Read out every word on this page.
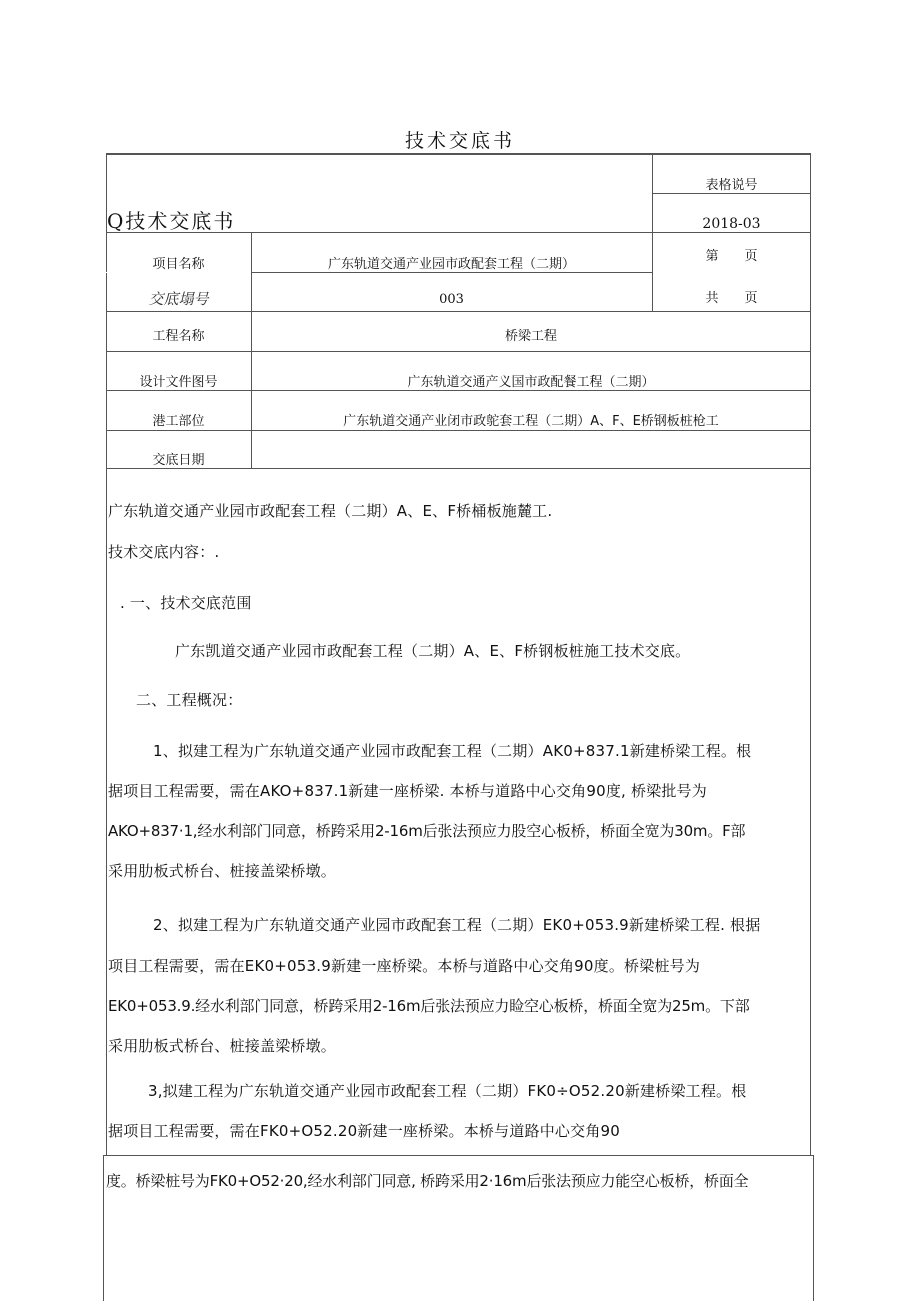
技术交底书
Q技术交底书
表格说号
2018-03
第　　页
共　　页
项目名称	广东轨道交通产业园市政配套工程（二期）
交底塌号	003
工程名称	桥梁工程
设计文件图号	广东轨道交通产义国市政配餐工程（二期）
港工部位	广东轨道交通产业闭市政鸵套工程（二期）A、F、E桥钢板桩枪工
交底日期
广东轨道交通产业园市政配套工程（二期）A、E、F桥桶板施麓工.
技术交底内容：.
. 一、技术交底范围
广东凯道交通产业园市政配套工程（二期）A、E、F桥钢板桩施工技术交底。
二、工程概况：
1、拟建工程为广东轨道交通产业园市政配套工程（二期）AK0+837.1新建桥梁工程。根
据项目工程需要，需在AKO+837.1新建一座桥梁. 本桥与道路中心交角90度, 桥梁批号为
AKO+837·1,经水利部门同意，桥跨采用2-16m后张法预应力股空心板桥，桥面全宽为30m。F部
采用肋板式桥台、桩接盖梁桥墩。
2、拟建工程为广东轨道交通产业园市政配套工程（二期）EK0+053.9新建桥梁工程. 根据
项目工程需要，需在EK0+053.9新建一座桥梁。本桥与道路中心交角90度。桥梁桩号为
EK0+053.9.经水利部门同意，桥跨采用2-16m后张法预应力睑空心板桥，桥面全宽为25m。下部
采用肋板式桥台、桩接盖梁桥墩。
3,拟建工程为广东轨道交通产业园市政配套工程（二期）FK0÷O52.20新建桥梁工程。根
据项目工程需要，需在FK0+O52.20新建一座桥梁。本桥与道路中心交角90
度。桥梁桩号为FK0+O52·20,经水利部门同意, 桥跨采用2·16m后张法预应力能空心板桥，桥面全
